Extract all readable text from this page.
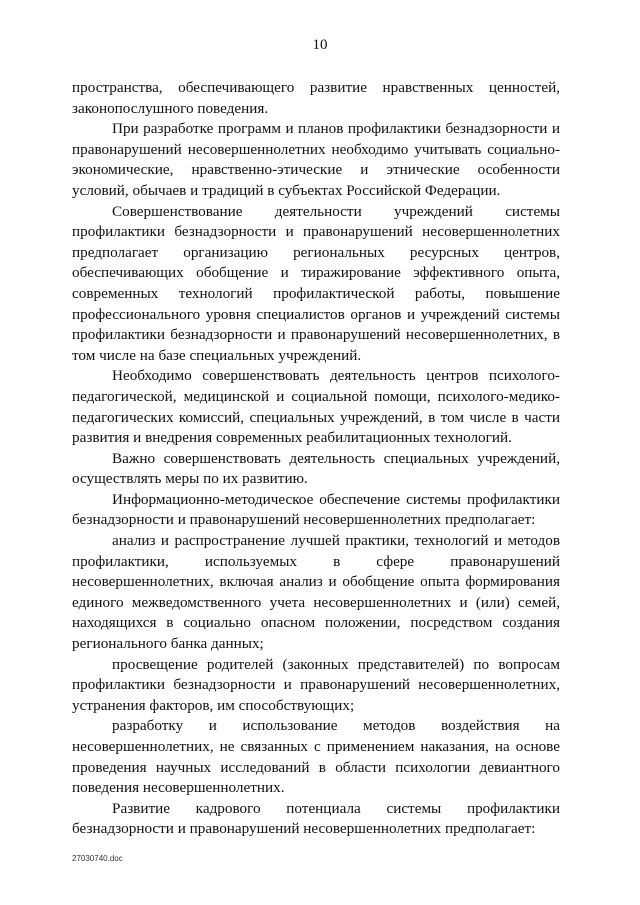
10

пространства, обеспечивающего развитие нравственных ценностей, законопослушного поведения.

При разработке программ и планов профилактики безнадзорности и правонарушений несовершеннолетних необходимо учитывать социально-экономические, нравственно-этические и этнические особенности условий, обычаев и традиций в субъектах Российской Федерации.

Совершенствование деятельности учреждений системы профилактики безнадзорности и правонарушений несовершеннолетних предполагает организацию региональных ресурсных центров, обеспечивающих обобщение и тиражирование эффективного опыта, современных технологий профилактической работы, повышение профессионального уровня специалистов органов и учреждений системы профилактики безнадзорности и правонарушений несовершеннолетних, в том числе на базе специальных учреждений.

Необходимо совершенствовать деятельность центров психолого-педагогической, медицинской и социальной помощи, психолого-медико-педагогических комиссий, специальных учреждений, в том числе в части развития и внедрения современных реабилитационных технологий.

Важно совершенствовать деятельность специальных учреждений, осуществлять меры по их развитию.

Информационно-методическое обеспечение системы профилактики безнадзорности и правонарушений несовершеннолетних предполагает:

анализ и распространение лучшей практики, технологий и методов профилактики, используемых в сфере правонарушений несовершеннолетних, включая анализ и обобщение опыта формирования единого межведомственного учета несовершеннолетних и (или) семей, находящихся в социально опасном положении, посредством создания регионального банка данных;

просвещение родителей (законных представителей) по вопросам профилактики безнадзорности и правонарушений несовершеннолетних, устранения факторов, им способствующих;

разработку и использование методов воздействия на несовершеннолетних, не связанных с применением наказания, на основе проведения научных исследований в области психологии девиантного поведения несовершеннолетних.

Развитие кадрового потенциала системы профилактики безнадзорности и правонарушений несовершеннолетних предполагает:

27030740.doc
